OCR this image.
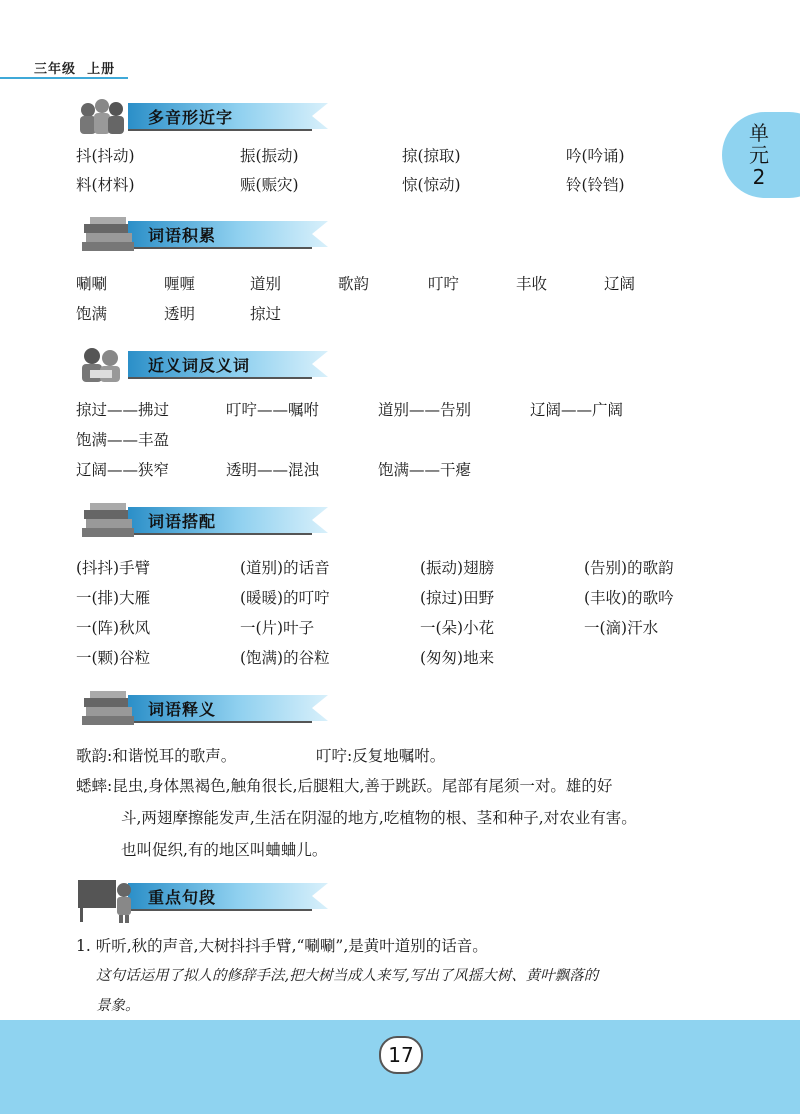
三年级 上册
单
元
2
多音形近字
抖(抖动)	振(振动)	掠(掠取)	吟(吟诵)
料(材料)	赈(赈灾)	惊(惊动)	铃(铃铛)
词语积累
唰唰	喱喱	道别	歌韵	叮咛	丰收	辽阔
饱满	透明	掠过
近义词反义词
掠过——拂过	叮咛——嘱咐	道别——告别	辽阔——广阔
饱满——丰盈
辽阔——狭窄	透明——混浊	饱满——干瘪
词语搭配
(抖抖)手臂	(道别)的话音	(振动)翅膀	(告别)的歌韵
一(排)大雁	(暖暖)的叮咛	(掠过)田野	(丰收)的歌吟
一(阵)秋风	一(片)叶子	一(朵)小花	一(滴)汗水
一(颗)谷粒	(饱满)的谷粒	(匆匆)地来
词语释义
歌韵:和谐悦耳的歌声。	叮咛:反复地嘱咐。
蟋蟀:昆虫,身体黑褐色,触角很长,后腿粗大,善于跳跃。尾部有尾须一对。雄的好
斗,两翅摩擦能发声,生活在阴湿的地方,吃植物的根、茎和种子,对农业有害。
也叫促织,有的地区叫蛐蛐儿。
重点句段
1. 听听,秋的声音,大树抖抖手臂,“唰唰”,是黄叶道别的话音。
这句话运用了拟人的修辞手法,把大树当成人来写,写出了风摇大树、黄叶飘落的
景象。
17
